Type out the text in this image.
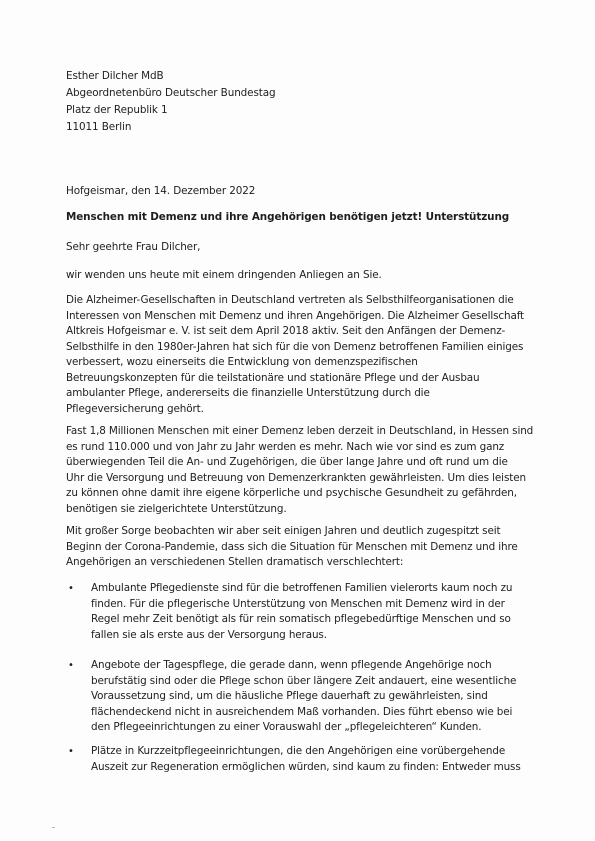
Esther Dilcher MdB
Abgeordnetenbüro Deutscher Bundestag
Platz der Republik 1
11011 Berlin
Hofgeismar, den 14. Dezember 2022
Menschen mit Demenz und ihre Angehörigen benötigen jetzt! Unterstützung
Sehr geehrte Frau Dilcher,
wir wenden uns heute mit einem dringenden Anliegen an Sie.
Die Alzheimer-Gesellschaften in Deutschland vertreten als Selbsthilfeorganisationen die
Interessen von Menschen mit Demenz und ihren Angehörigen. Die Alzheimer Gesellschaft
Altkreis Hofgeismar e. V. ist seit dem April 2018 aktiv. Seit den Anfängen der Demenz-
Selbsthilfe in den 1980er-Jahren hat sich für die von Demenz betroffenen Familien einiges
verbessert, wozu einerseits die Entwicklung von demenzspezifischen
Betreuungskonzepten für die teilstationäre und stationäre Pflege und der Ausbau
ambulanter Pflege, andererseits die finanzielle Unterstützung durch die
Pflegeversicherung gehört.
Fast 1,8 Millionen Menschen mit einer Demenz leben derzeit in Deutschland, in Hessen sind
es rund 110.000 und von Jahr zu Jahr werden es mehr. Nach wie vor sind es zum ganz
überwiegenden Teil die An- und Zugehörigen, die über lange Jahre und oft rund um die
Uhr die Versorgung und Betreuung von Demenzerkrankten gewährleisten. Um dies leisten
zu können ohne damit ihre eigene körperliche und psychische Gesundheit zu gefährden,
benötigen sie zielgerichtete Unterstützung.
Mit großer Sorge beobachten wir aber seit einigen Jahren und deutlich zugespitzt seit
Beginn der Corona-Pandemie, dass sich die Situation für Menschen mit Demenz und ihre
Angehörigen an verschiedenen Stellen dramatisch verschlechtert:
• Ambulante Pflegedienste sind für die betroffenen Familien vielerorts kaum noch zu
finden. Für die pflegerische Unterstützung von Menschen mit Demenz wird in der
Regel mehr Zeit benötigt als für rein somatisch pflegebedürftige Menschen und so
fallen sie als erste aus der Versorgung heraus.
• Angebote der Tagespflege, die gerade dann, wenn pflegende Angehörige noch
berufstätig sind oder die Pflege schon über längere Zeit andauert, eine wesentliche
Voraussetzung sind, um die häusliche Pflege dauerhaft zu gewährleisten, sind
flächendeckend nicht in ausreichendem Maß vorhanden. Dies führt ebenso wie bei
den Pflegeeinrichtungen zu einer Vorauswahl der „pflegeleichteren“ Kunden.
• Plätze in Kurzzeitpflegeeinrichtungen, die den Angehörigen eine vorübergehende
Auszeit zur Regeneration ermöglichen würden, sind kaum zu finden: Entweder muss
